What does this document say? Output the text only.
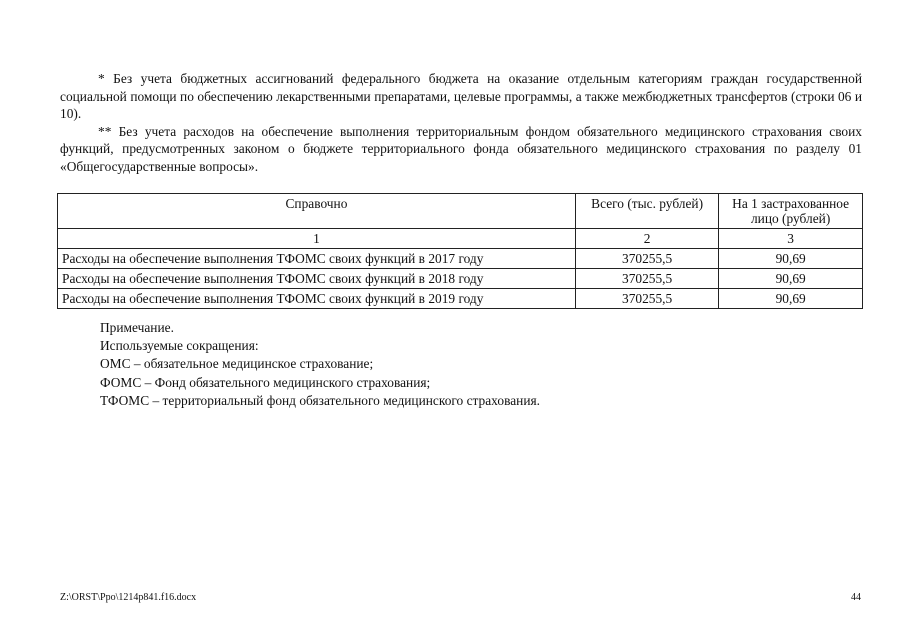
* Без учета бюджетных ассигнований федерального бюджета на оказание отдельным категориям граждан государственной социальной помощи по обеспечению лекарственными препаратами, целевые программы, а также межбюджетных трансфертов (строки 06 и 10).

** Без учета расходов на обеспечение выполнения территориальным фондом обязательного медицинского страхования своих функций, предусмотренных законом о бюджете территориального фонда обязательного медицинского страхования по разделу 01 «Общегосударственные вопросы».

Справочно	Всего (тыс. рублей)	На 1 застрахованное лицо (рублей)
1	2	3
Расходы на обеспечение выполнения ТФОМС своих функций в 2017 году	370255,5	90,69
Расходы на обеспечение выполнения ТФОМС своих функций в 2018 году	370255,5	90,69
Расходы на обеспечение выполнения ТФОМС своих функций в 2019 году	370255,5	90,69
Примечание.
Используемые сокращения:
ОМС – обязательное медицинское страхование;
ФОМС – Фонд обязательного медицинского страхования;
ТФОМС – территориальный фонд обязательного медицинского страхования.
Z:\ORST\Ppo\1214p841.f16.docx	44
